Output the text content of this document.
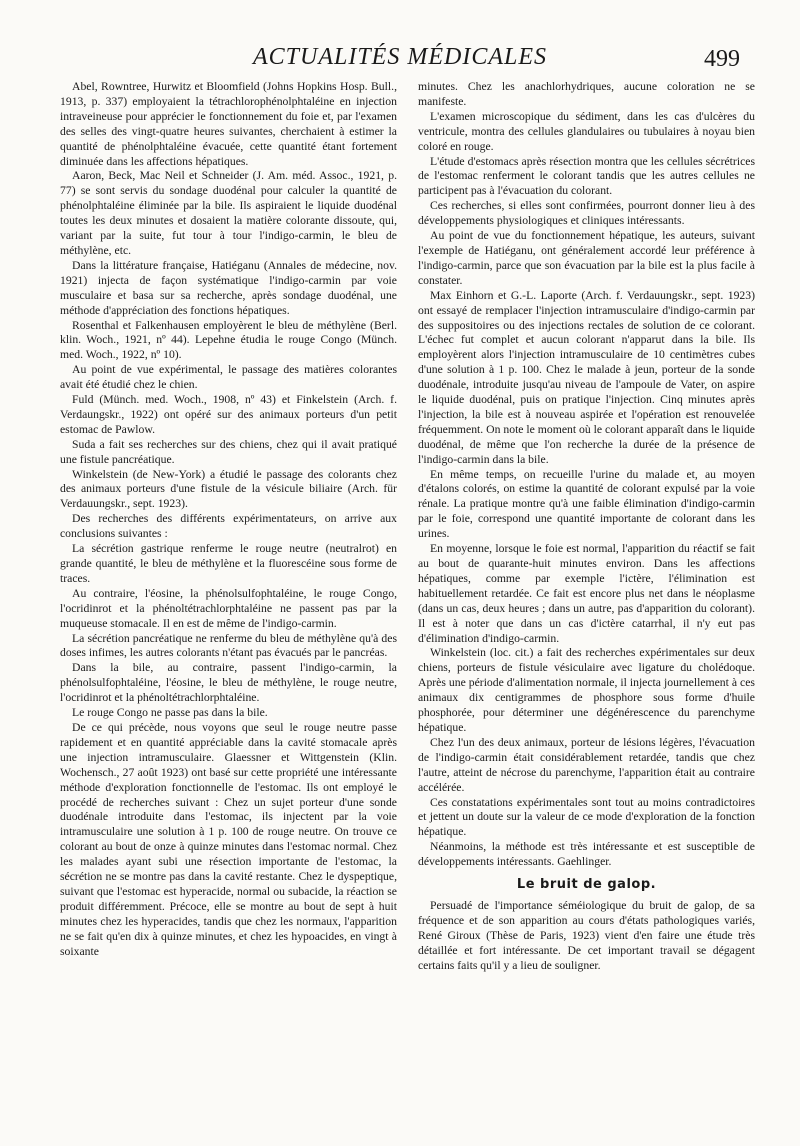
ACTUALITÉS MÉDICALES	499

Abel, Rowntree, Hurwitz et Bloomfield (Johns Hopkins Hosp. Bull., 1913, p. 337) employaient la tétrachlorophénolphtaléine en injection intraveineuse pour apprécier le fonctionnement du foie et, par l'examen des selles des vingt-quatre heures suivantes, cherchaient à estimer la quantité de phénolphtaléine évacuée, cette quantité étant fortement diminuée dans les affections hépatiques.

Aaron, Beck, Mac Neil et Schneider (J. Am. méd. Assoc., 1921, p. 77) se sont servis du sondage duodénal pour calculer la quantité de phénolphtaléine éliminée par la bile. Ils aspiraient le liquide duodénal toutes les deux minutes et dosaient la matière colorante dissoute, qui, variant par la suite, fut tour à tour l'indigo-carmin, le bleu de méthylène, etc.

Dans la littérature française, Hatiéganu (Annales de médecine, nov. 1921) injecta de façon systématique l'indigo-carmin par voie musculaire et basa sur sa recherche, après sondage duodénal, une méthode d'appréciation des fonctions hépatiques.

Rosenthal et Falkenhausen employèrent le bleu de méthylène (Berl. klin. Woch., 1921, nº 44). Lepehne étudia le rouge Congo (Münch. med. Woch., 1922, nº 10).

Au point de vue expérimental, le passage des matières colorantes avait été étudié chez le chien.

Fuld (Münch. med. Woch., 1908, nº 43) et Finkelstein (Arch. f. Verdaungskr., 1922) ont opéré sur des animaux porteurs d'un petit estomac de Pawlow.

Suda a fait ses recherches sur des chiens, chez qui il avait pratiqué une fistule pancréatique.

Winkelstein (de New-York) a étudié le passage des colorants chez des animaux porteurs d'une fistule de la vésicule biliaire (Arch. für Verdauungskr., sept. 1923).

Des recherches des différents expérimentateurs, on arrive aux conclusions suivantes :

La sécrétion gastrique renferme le rouge neutre (neutralrot) en grande quantité, le bleu de méthylène et la fluorescéine sous forme de traces.

Au contraire, l'éosine, la phénolsulfophtaléine, le rouge Congo, l'ocridinrot et la phénoltétrachlorphtaléine ne passent pas par la muqueuse stomacale. Il en est de même de l'indigo-carmin.

La sécrétion pancréatique ne renferme du bleu de méthylène qu'à des doses infimes, les autres colorants n'étant pas évacués par le pancréas.

Dans la bile, au contraire, passent l'indigo-carmin, la phénolsulfophtaléine, l'éosine, le bleu de méthylène, le rouge neutre, l'ocridinrot et la phénoltétrachlorphtaléine.

Le rouge Congo ne passe pas dans la bile.

De ce qui précède, nous voyons que seul le rouge neutre passe rapidement et en quantité appréciable dans la cavité stomacale après une injection intramusculaire. Glaessner et Wittgenstein (Klin. Wochensch., 27 août 1923) ont basé sur cette propriété une intéressante méthode d'exploration fonctionnelle de l'estomac. Ils ont employé le procédé de recherches suivant : Chez un sujet porteur d'une sonde duodénale introduite dans l'estomac, ils injectent par la voie intramusculaire une solution à 1 p. 100 de rouge neutre. On trouve ce colorant au bout de onze à quinze minutes dans l'estomac normal. Chez les malades ayant subi une résection importante de l'estomac, la sécrétion ne se montre pas dans la cavité restante. Chez le dyspeptique, suivant que l'estomac est hyperacide, normal ou subacide, la réaction se produit différemment. Précoce, elle se montre au bout de sept à huit minutes chez les hyperacides, tandis que chez les normaux, l'apparition ne se fait qu'en dix à quinze minutes, et chez les hypoacides, en vingt à soixante

minutes. Chez les anachlorhydriques, aucune coloration ne se manifeste.

L'examen microscopique du sédiment, dans les cas d'ulcères du ventricule, montra des cellules glandulaires ou tubulaires à noyau bien coloré en rouge.

L'étude d'estomacs après résection montra que les cellules sécrétrices de l'estomac renferment le colorant tandis que les autres cellules ne participent pas à l'évacuation du colorant.

Ces recherches, si elles sont confirmées, pourront donner lieu à des développements physiologiques et cliniques intéressants.

Au point de vue du fonctionnement hépatique, les auteurs, suivant l'exemple de Hatiéganu, ont généralement accordé leur préférence à l'indigo-carmin, parce que son évacuation par la bile est la plus facile à constater.

Max Einhorn et G.-L. Laporte (Arch. f. Verdauungskr., sept. 1923) ont essayé de remplacer l'injection intramusculaire d'indigo-carmin par des suppositoires ou des injections rectales de solution de ce colorant. L'échec fut complet et aucun colorant n'apparut dans la bile. Ils employèrent alors l'injection intramusculaire de 10 centimètres cubes d'une solution à 1 p. 100. Chez le malade à jeun, porteur de la sonde duodénale, introduite jusqu'au niveau de l'ampoule de Vater, on aspire le liquide duodénal, puis on pratique l'injection. Cinq minutes après l'injection, la bile est à nouveau aspirée et l'opération est renouvelée fréquemment. On note le moment où le colorant apparaît dans le liquide duodénal, de même que l'on recherche la durée de la présence de l'indigo-carmin dans la bile.

En même temps, on recueille l'urine du malade et, au moyen d'étalons colorés, on estime la quantité de colorant expulsé par la voie rénale. La pratique montre qu'à une faible élimination d'indigo-carmin par le foie, correspond une quantité importante de colorant dans les urines.

En moyenne, lorsque le foie est normal, l'apparition du réactif se fait au bout de quarante-huit minutes environ. Dans les affections hépatiques, comme par exemple l'ictère, l'élimination est habituellement retardée. Ce fait est encore plus net dans le néoplasme (dans un cas, deux heures ; dans un autre, pas d'apparition du colorant). Il est à noter que dans un cas d'ictère catarrhal, il n'y eut pas d'élimination d'indigo-carmin.

Winkelstein (loc. cit.) a fait des recherches expérimentales sur deux chiens, porteurs de fistule vésiculaire avec ligature du cholédoque. Après une période d'alimentation normale, il injecta journellement à ces animaux dix centigrammes de phosphore sous forme d'huile phosphorée, pour déterminer une dégénérescence du parenchyme hépatique.

Chez l'un des deux animaux, porteur de lésions légères, l'évacuation de l'indigo-carmin était considérablement retardée, tandis que chez l'autre, atteint de nécrose du parenchyme, l'apparition était au contraire accélérée.

Ces constatations expérimentales sont tout au moins contradictoires et jettent un doute sur la valeur de ce mode d'exploration de la fonction hépatique.

Néanmoins, la méthode est très intéressante et est susceptible de développements intéressants. Gaehlinger.

Le bruit de galop.

Persuadé de l'importance séméiologique du bruit de galop, de sa fréquence et de son apparition au cours d'états pathologiques variés, René Giroux (Thèse de Paris, 1923) vient d'en faire une étude très détaillée et fort intéressante. De cet important travail se dégagent certains faits qu'il y a lieu de souligner.
